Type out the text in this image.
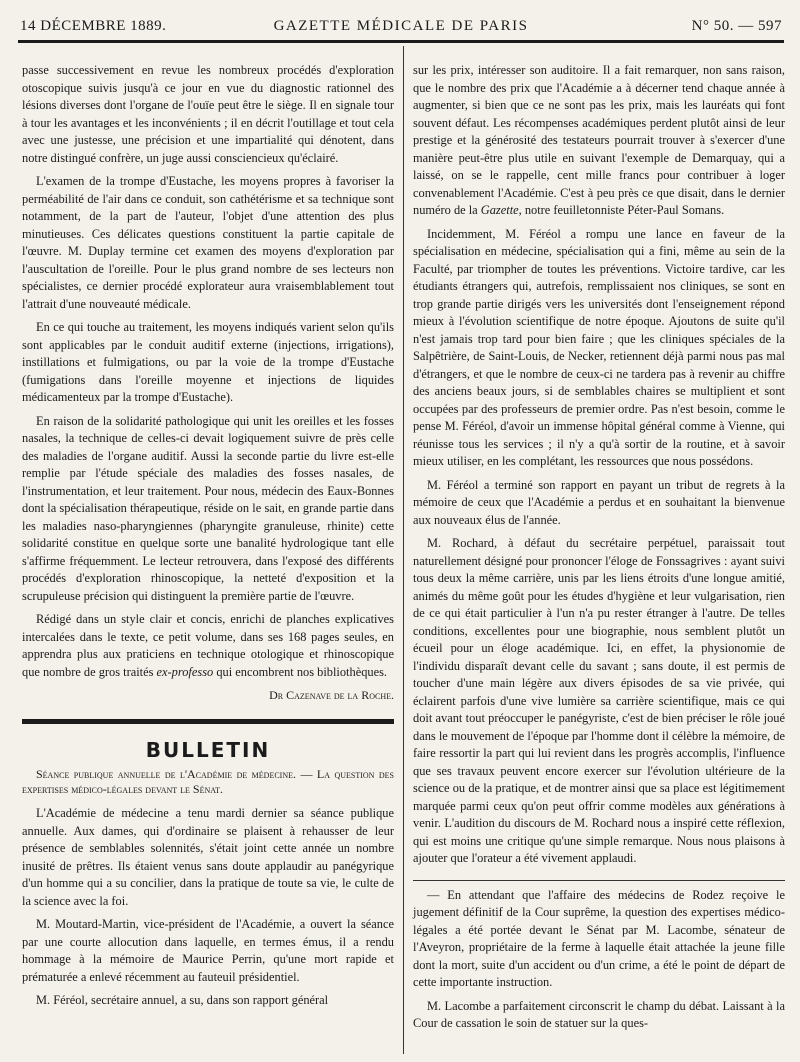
14 DÉCEMBRE 1889.	GAZETTE MÉDICALE DE PARIS	N° 50. — 597

passe successivement en revue les nombreux procédés d'exploration otoscopique suivis jusqu'à ce jour en vue du diagnostic rationnel des lésions diverses dont l'organe de l'ouïe peut être le siège. Il en signale tour à tour les avantages et les inconvénients ; il en décrit l'outillage et tout cela avec une justesse, une précision et une impartialité qui dénotent, dans notre distingué confrère, un juge aussi consciencieux qu'éclairé.

L'examen de la trompe d'Eustache, les moyens propres à favoriser la perméabilité de l'air dans ce conduit, son cathétérisme et sa technique sont notamment, de la part de l'auteur, l'objet d'une attention des plus minutieuses. Ces délicates questions constituent la partie capitale de l'œuvre. M. Duplay termine cet examen des moyens d'exploration par l'auscultation de l'oreille. Pour le plus grand nombre de ses lecteurs non spécialistes, ce dernier procédé explorateur aura vraisemblablement tout l'attrait d'une nouveauté médicale.

En ce qui touche au traitement, les moyens indiqués varient selon qu'ils sont applicables par le conduit auditif externe (injections, irrigations), instillations et fulmigations, ou par la voie de la trompe d'Eustache (fumigations dans l'oreille moyenne et injections de liquides médicamenteux par la trompe d'Eustache).

En raison de la solidarité pathologique qui unit les oreilles et les fosses nasales, la technique de celles-ci devait logiquement suivre de près celle des maladies de l'organe auditif. Aussi la seconde partie du livre est-elle remplie par l'étude spéciale des maladies des fosses nasales, de l'instrumentation, et leur traitement. Pour nous, médecin des Eaux-Bonnes dont la spécialisation thérapeutique, réside on le sait, en grande partie dans les maladies naso-pharyngiennes (pharyngite granuleuse, rhinite) cette solidarité constitue en quelque sorte une banalité hydrologique tant elle s'affirme fréquemment. Le lecteur retrouvera, dans l'exposé des différents procédés d'exploration rhinoscopique, la netteté d'exposition et la scrupuleuse précision qui distinguent la première partie de l'œuvre.

Rédigé dans un style clair et concis, enrichi de planches explicatives intercalées dans le texte, ce petit volume, dans ses 168 pages seules, en apprendra plus aux praticiens en technique otologique et rhinoscopique que nombre de gros traités ex-professo qui encombrent nos bibliothèques.

Dr Cazenave de la Roche.
BULLETIN
Séance publique annuelle de l'Académie de médecine. — La question des expertises médico-légales devant le Sénat.

L'Académie de médecine a tenu mardi dernier sa séance publique annuelle. Aux dames, qui d'ordinaire se plaisent à rehausser de leur présence de semblables solennités, s'était joint cette année un nombre inusité de prêtres. Ils étaient venus sans doute applaudir au panégyrique d'un homme qui a su concilier, dans la pratique de toute sa vie, le culte de la science avec la foi.

M. Moutard-Martin, vice-président de l'Académie, a ouvert la séance par une courte allocution dans laquelle, en termes émus, il a rendu hommage à la mémoire de Maurice Perrin, qu'une mort rapide et prématurée a enlevé récemment au fauteuil présidentiel.

M. Féréol, secrétaire annuel, a su, dans son rapport général

sur les prix, intéresser son auditoire. Il a fait remarquer, non sans raison, que le nombre des prix que l'Académie a à décerner tend chaque année à augmenter, si bien que ce ne sont pas les prix, mais les lauréats qui font souvent défaut. Les récompenses académiques perdent plutôt ainsi de leur prestige et la générosité des testateurs pourrait trouver à s'exercer d'une manière peut-être plus utile en suivant l'exemple de Demarquay, qui a laissé, on se le rappelle, cent mille francs pour contribuer à loger convenablement l'Académie. C'est à peu près ce que disait, dans le dernier numéro de la Gazette, notre feuilletonniste Péter-Paul Somans.

Incidemment, M. Féréol a rompu une lance en faveur de la spécialisation en médecine, spécialisation qui a fini, même au sein de la Faculté, par triompher de toutes les préventions. Victoire tardive, car les étudiants étrangers qui, autrefois, remplissaient nos cliniques, se sont en trop grande partie dirigés vers les universités dont l'enseignement répond mieux à l'évolution scientifique de notre époque. Ajoutons de suite qu'il n'est jamais trop tard pour bien faire ; que les cliniques spéciales de la Salpêtrière, de Saint-Louis, de Necker, retiennent déjà parmi nous pas mal d'étrangers, et que le nombre de ceux-ci ne tardera pas à revenir au chiffre des anciens beaux jours, si de semblables chaires se multiplient et sont occupées par des professeurs de premier ordre. Pas n'est besoin, comme le pense M. Féréol, d'avoir un immense hôpital général comme à Vienne, qui réunisse tous les services ; il n'y a qu'à sortir de la routine, et à savoir mieux utiliser, en les complétant, les ressources que nous possédons.

M. Féréol a terminé son rapport en payant un tribut de regrets à la mémoire de ceux que l'Académie a perdus et en souhaitant la bienvenue aux nouveaux élus de l'année.

M. Rochard, à défaut du secrétaire perpétuel, paraissait tout naturellement désigné pour prononcer l'éloge de Fonssagrives : ayant suivi tous deux la même carrière, unis par les liens étroits d'une longue amitié, animés du même goût pour les études d'hygiène et leur vulgarisation, rien de ce qui était particulier à l'un n'a pu rester étranger à l'autre. De telles conditions, excellentes pour une biographie, nous semblent plutôt un écueil pour un éloge académique. Ici, en effet, la physionomie de l'individu disparaît devant celle du savant ; sans doute, il est permis de toucher d'une main légère aux divers épisodes de sa vie privée, qui éclairent parfois d'une vive lumière sa carrière scientifique, mais ce qui doit avant tout préoccuper le panégyriste, c'est de bien préciser le rôle joué dans le mouvement de l'époque par l'homme dont il célèbre la mémoire, de faire ressortir la part qui lui revient dans les progrès accomplis, l'influence que ses travaux peuvent encore exercer sur l'évolution ultérieure de la science ou de la pratique, et de montrer ainsi que sa place est légitimement marquée parmi ceux qu'on peut offrir comme modèles aux générations à venir. L'audition du discours de M. Rochard nous a inspiré cette réflexion, qui est moins une critique qu'une simple remarque. Nous nous plaisons à ajouter que l'orateur a été vivement applaudi.

— En attendant que l'affaire des médecins de Rodez reçoive le jugement définitif de la Cour suprême, la question des expertises médico-légales a été portée devant le Sénat par M. Lacombe, sénateur de l'Aveyron, propriétaire de la ferme à laquelle était attachée la jeune fille dont la mort, suite d'un accident ou d'un crime, a été le point de départ de cette importante instruction.

M. Lacombe a parfaitement circonscrit le champ du débat. Laissant à la Cour de cassation le soin de statuer sur la ques-
